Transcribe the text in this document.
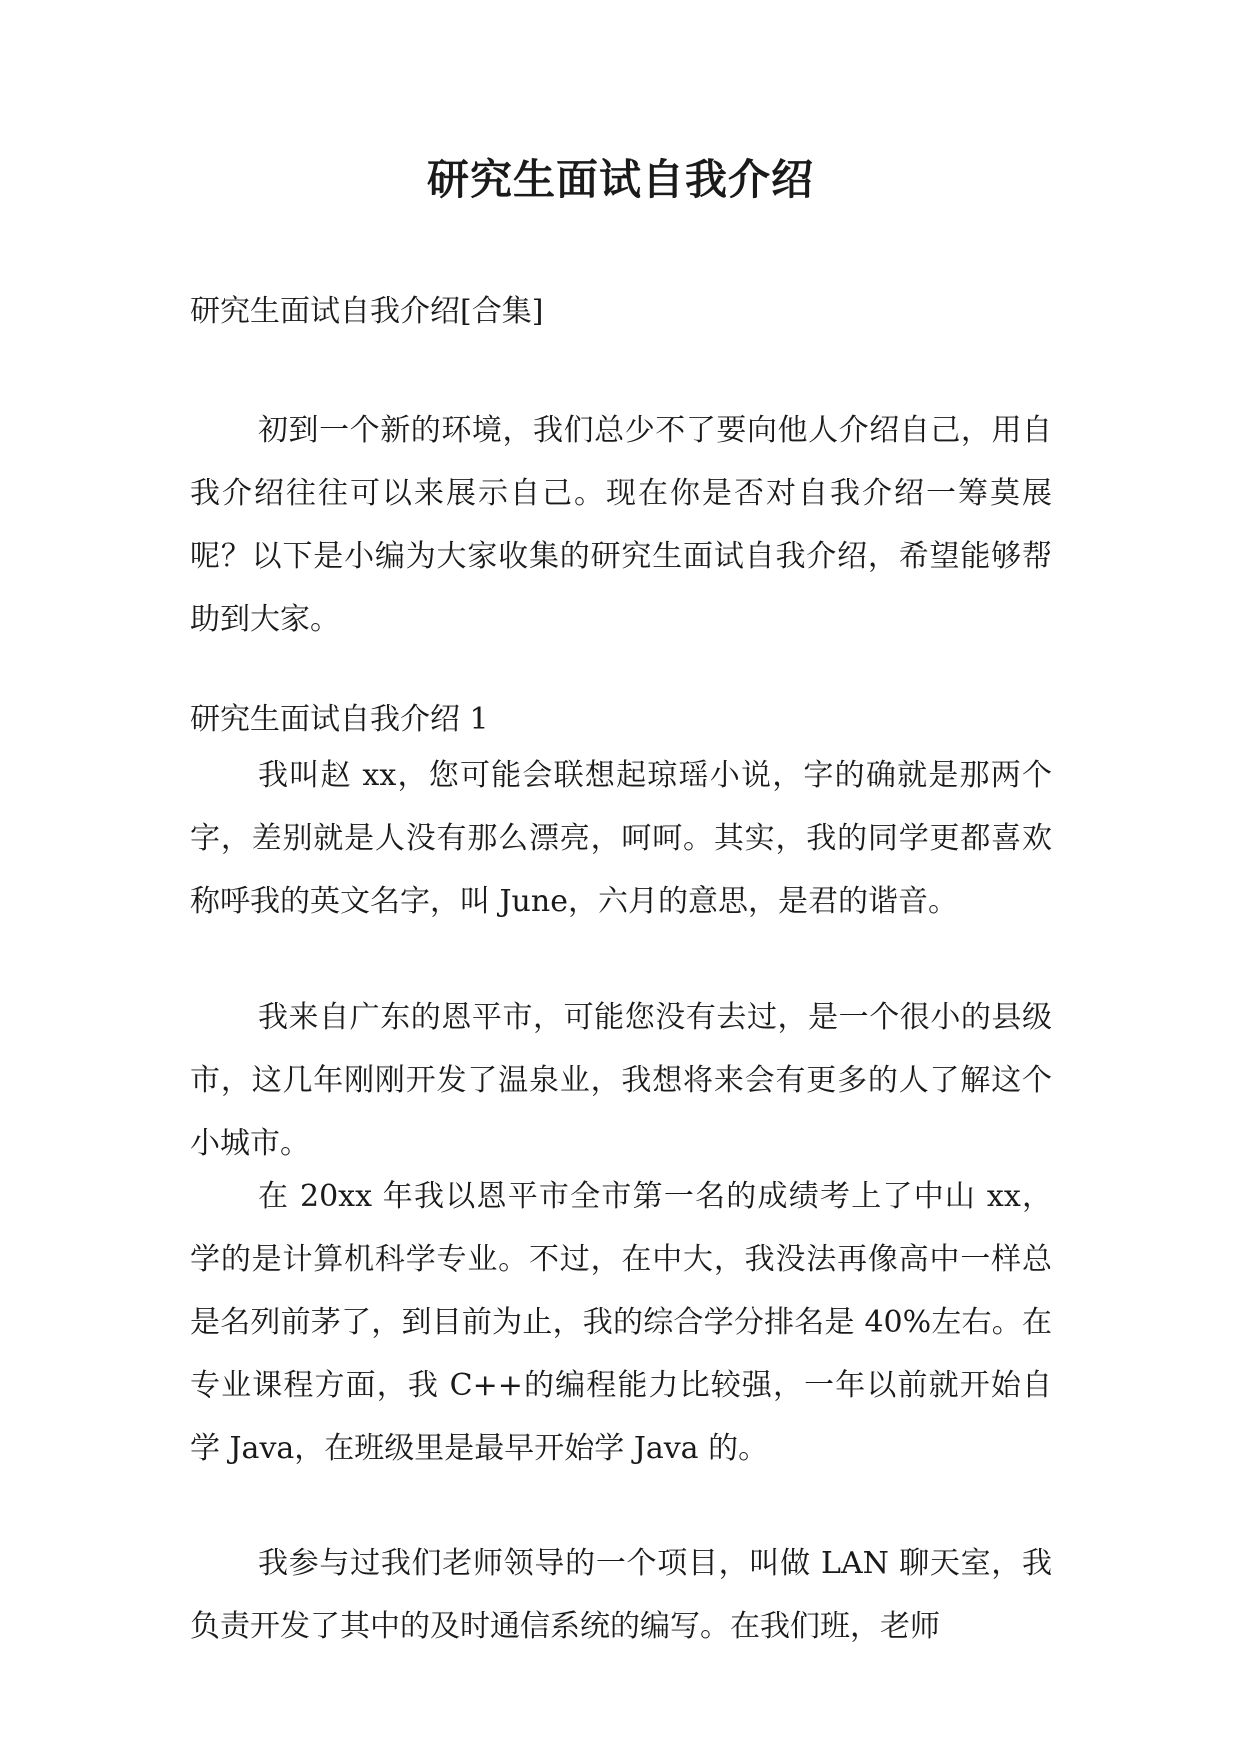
研究生面试自我介绍

研究生面试自我介绍[合集]

初到一个新的环境，我们总少不了要向他人介绍自己，用自我介绍往往可以来展示自己。现在你是否对自我介绍一筹莫展呢？以下是小编为大家收集的研究生面试自我介绍，希望能够帮助到大家。

研究生面试自我介绍 1

我叫赵 xx，您可能会联想起琼瑶小说，字的确就是那两个字，差别就是人没有那么漂亮，呵呵。其实，我的同学更都喜欢称呼我的英文名字，叫 June，六月的意思，是君的谐音。

我来自广东的恩平市，可能您没有去过，是一个很小的县级市，这几年刚刚开发了温泉业，我想将来会有更多的人了解这个小城市。

在 20xx 年我以恩平市全市第一名的成绩考上了中山 xx，学的是计算机科学专业。不过，在中大，我没法再像高中一样总是名列前茅了，到目前为止，我的综合学分排名是 40%左右。在专业课程方面，我 C++的编程能力比较强，一年以前就开始自学 Java，在班级里是最早开始学 Java 的。

我参与过我们老师领导的一个项目，叫做 LAN 聊天室，我负责开发了其中的及时通信系统的编写。在我们班，老师
